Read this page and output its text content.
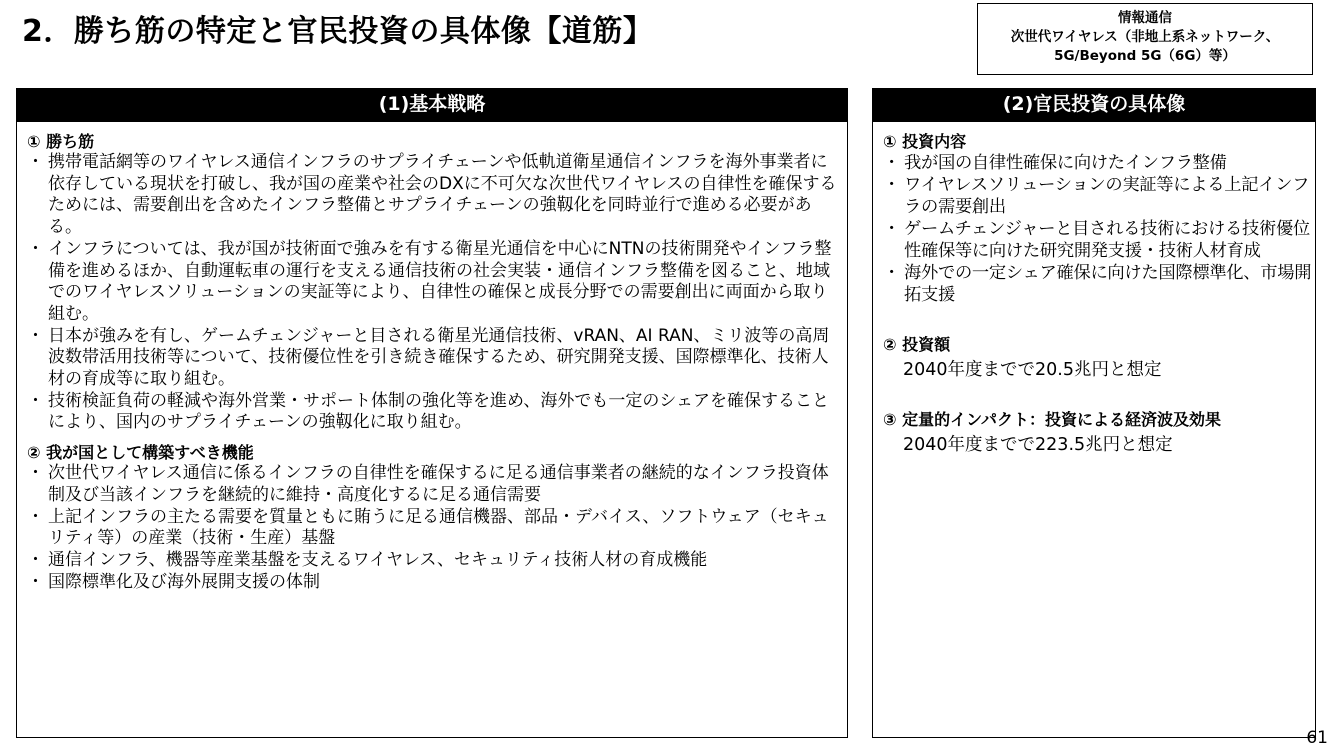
2．勝ち筋の特定と官民投資の具体像【道筋】	情報通信
次世代ワイヤレス（非地上系ネットワーク、
5G/Beyond 5G（6G）等）
(1)基本戦略
① 勝ち筋
・ 携帯電話網等のワイヤレス通信インフラのサプライチェーンや低軌道衛星通信インフラを海外事業者に依存している現状を打破し、我が国の産業や社会のDXに不可欠な次世代ワイヤレスの自律性を確保するためには、需要創出を含めたインフラ整備とサプライチェーンの強靱化を同時並行で進める必要がある。
・ インフラについては、我が国が技術面で強みを有する衛星光通信を中心にNTNの技術開発やインフラ整備を進めるほか、自動運転車の運行を支える通信技術の社会実装・通信インフラ整備を図ること、地域でのワイヤレスソリューションの実証等により、自律性の確保と成長分野での需要創出に両面から取り組む。
・ 日本が強みを有し、ゲームチェンジャーと目される衛星光通信技術、vRAN、AI RAN、ミリ波等の高周波数帯活用技術等について、技術優位性を引き続き確保するため、研究開発支援、国際標準化、技術人材の育成等に取り組む。
・ 技術検証負荷の軽減や海外営業・サポート体制の強化等を進め、海外でも一定のシェアを確保することにより、国内のサプライチェーンの強靱化に取り組む。
② 我が国として構築すべき機能
・ 次世代ワイヤレス通信に係るインフラの自律性を確保するに足る通信事業者の継続的なインフラ投資体制及び当該インフラを継続的に維持・高度化するに足る通信需要
・ 上記インフラの主たる需要を質量ともに賄うに足る通信機器、部品・デバイス、ソフトウェア（セキュリティ等）の産業（技術・生産）基盤
・ 通信インフラ、機器等産業基盤を支えるワイヤレス、セキュリティ技術人材の育成機能
・ 国際標準化及び海外展開支援の体制
(2)官民投資の具体像
① 投資内容
・ 我が国の自律性確保に向けたインフラ整備
・ ワイヤレスソリューションの実証等による上記インフラの需要創出
・ ゲームチェンジャーと目される技術における技術優位性確保等に向けた研究開発支援・技術人材育成
・ 海外での一定シェア確保に向けた国際標準化、市場開拓支援
② 投資額
2040年度までで20.5兆円と想定
③ 定量的インパクト：投資による経済波及効果
2040年度までで223.5兆円と想定
61
